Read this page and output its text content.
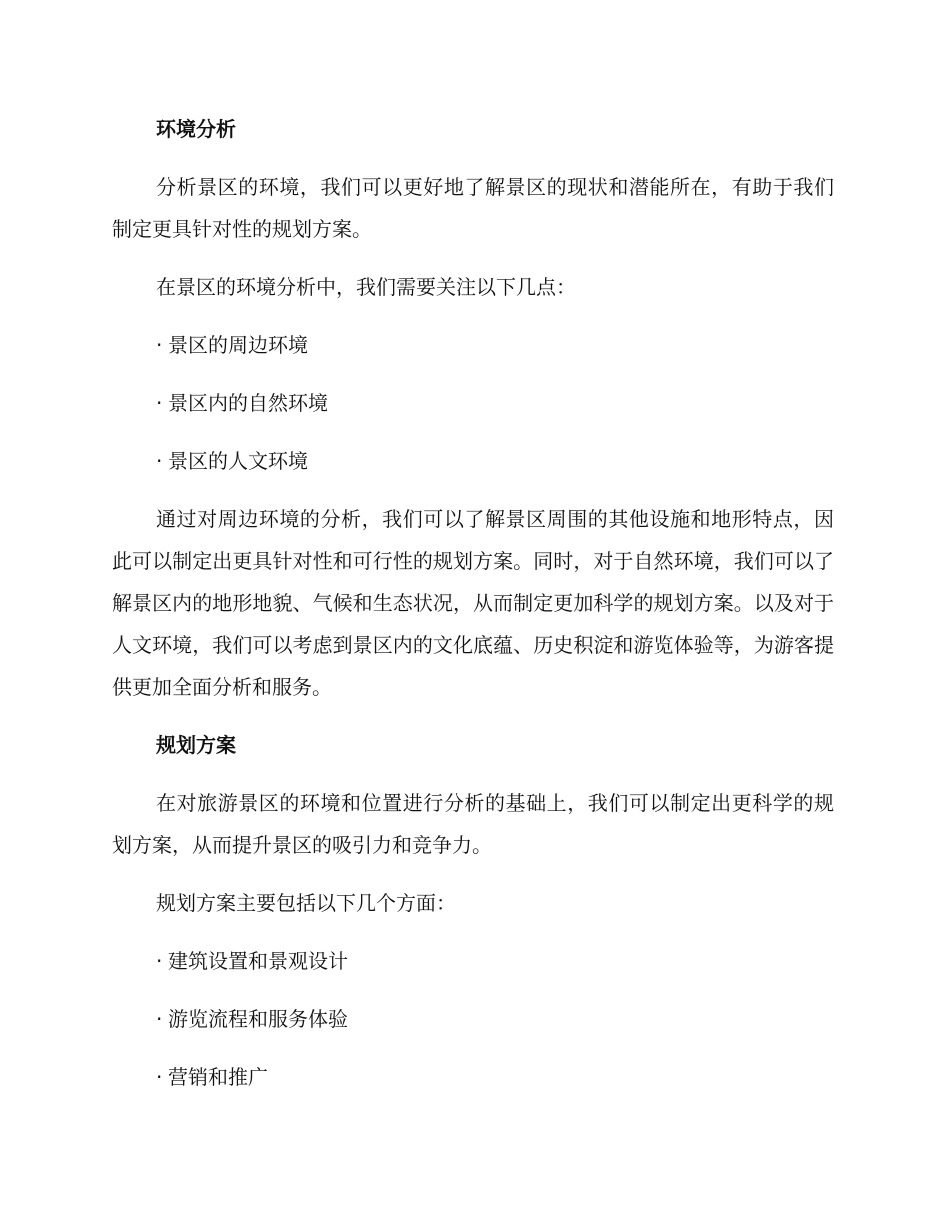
环境分析

分析景区的环境，我们可以更好地了解景区的现状和潜能所在，有助于我们制定更具针对性的规划方案。

在景区的环境分析中，我们需要关注以下几点：

· 景区的周边环境
· 景区内的自然环境
· 景区的人文环境

通过对周边环境的分析，我们可以了解景区周围的其他设施和地形特点，因此可以制定出更具针对性和可行性的规划方案。同时，对于自然环境，我们可以了解景区内的地形地貌、气候和生态状况，从而制定更加科学的规划方案。以及对于人文环境，我们可以考虑到景区内的文化底蕴、历史积淀和游览体验等，为游客提供更加全面分析和服务。

规划方案

在对旅游景区的环境和位置进行分析的基础上，我们可以制定出更科学的规划方案，从而提升景区的吸引力和竞争力。

规划方案主要包括以下几个方面：

· 建筑设置和景观设计
· 游览流程和服务体验
· 营销和推广
